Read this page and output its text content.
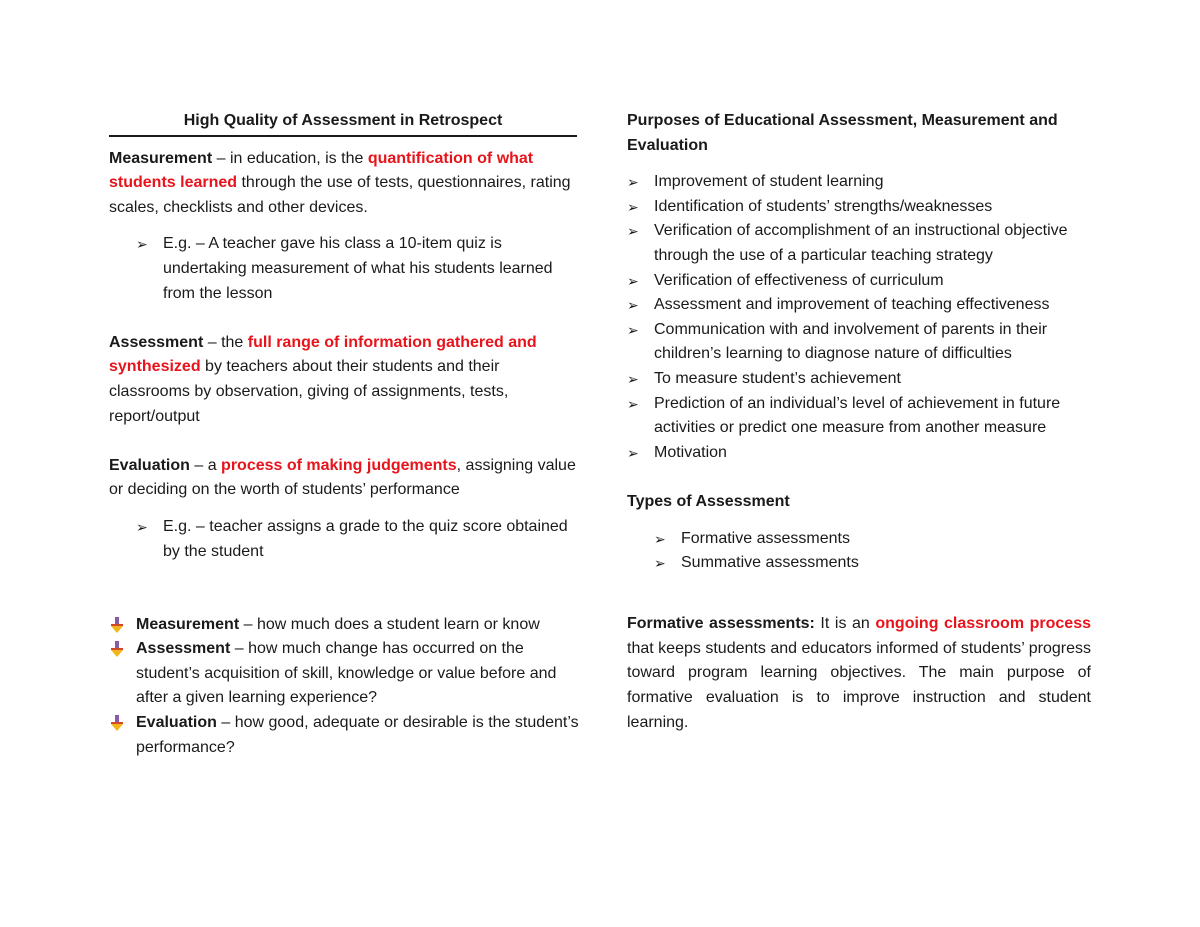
High Quality of Assessment in Retrospect

Measurement – in education, is the quantification of what students learned through the use of tests, questionnaires, rating scales, checklists and other devices.

➢ E.g. – A teacher gave his class a 10-item quiz is undertaking measurement of what his students learned from the lesson

Assessment – the full range of information gathered and synthesized by teachers about their students and their classrooms by observation, giving of assignments, tests, report/output

Evaluation – a process of making judgements, assigning value or deciding on the worth of students’ performance

➢ E.g. – teacher assigns a grade to the quiz score obtained by the student
Measurement – how much does a student learn or know
Assessment – how much change has occurred on the student’s acquisition of skill, knowledge or value before and after a given learning experience?
Evaluation – how good, adequate or desirable is the student’s performance?

Purposes of Educational Assessment, Measurement and Evaluation

➢ Improvement of student learning
➢ Identification of students’ strengths/weaknesses
➢ Verification of accomplishment of an instructional objective through the use of a particular teaching strategy
➢ Verification of effectiveness of curriculum
➢ Assessment and improvement of teaching effectiveness
➢ Communication with and involvement of parents in their children’s learning to diagnose nature of difficulties
➢ To measure student’s achievement
➢ Prediction of an individual’s level of achievement in future activities or predict one measure from another measure
➢ Motivation

Types of Assessment

➢ Formative assessments
➢ Summative assessments

Formative assessments: It is an ongoing classroom process that keeps students and educators informed of students’ progress toward program learning objectives. The main purpose of formative evaluation is to improve instruction and student learning.
